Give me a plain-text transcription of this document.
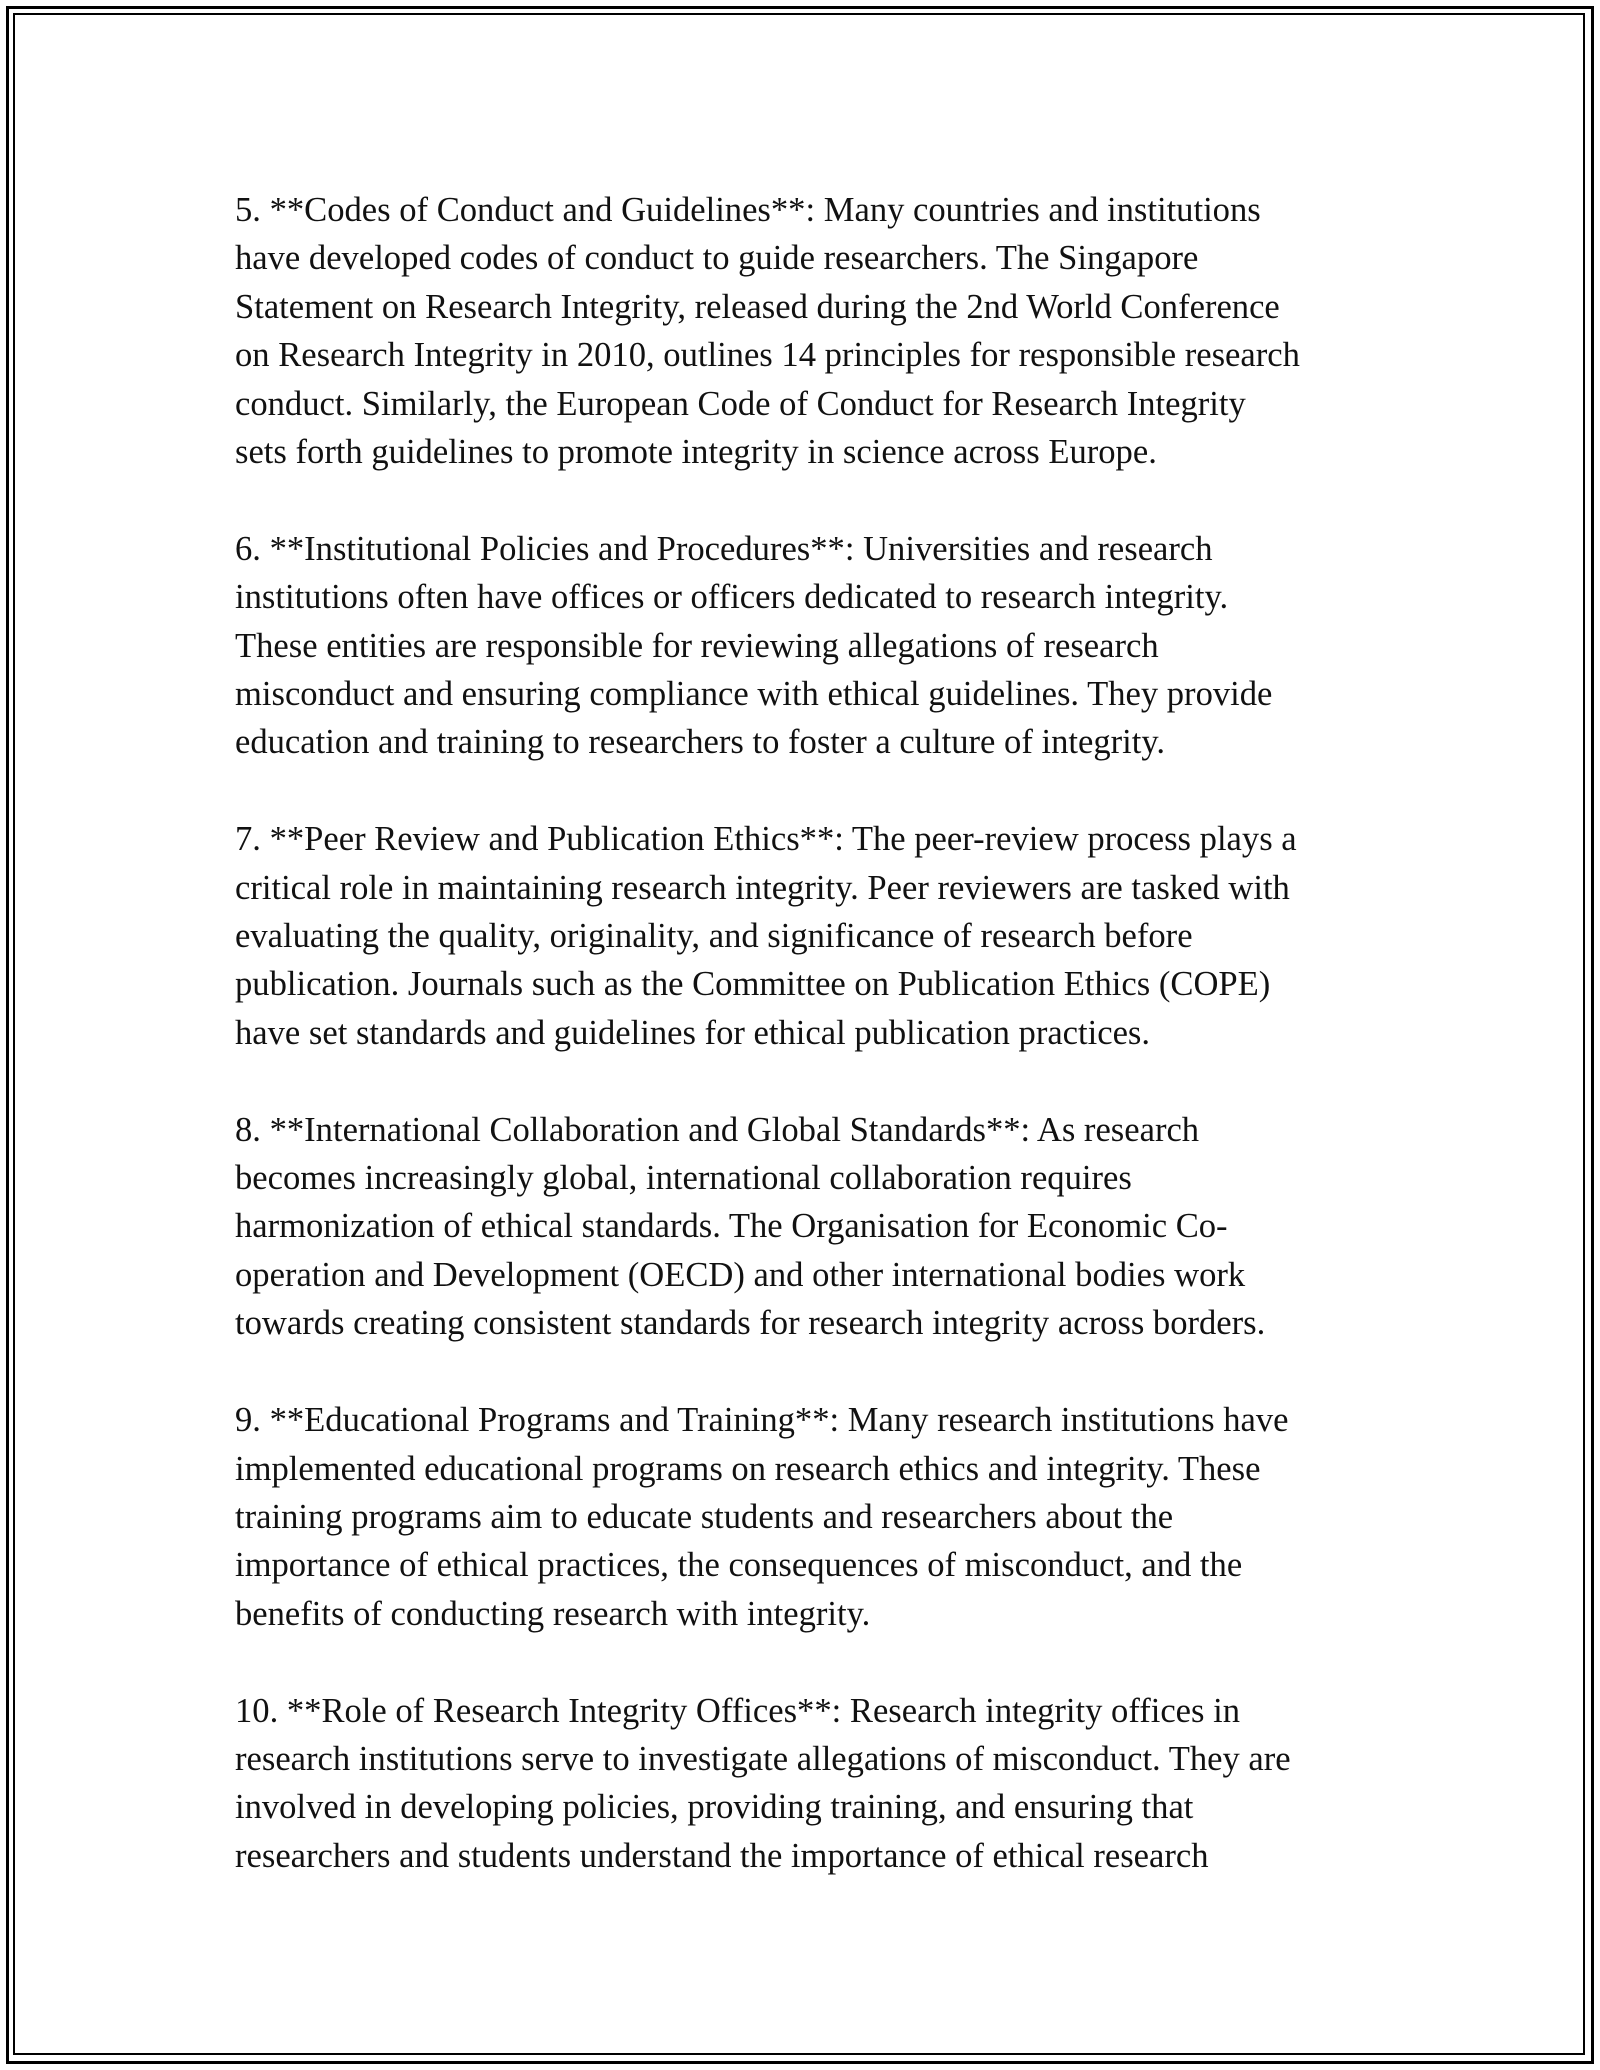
5. **Codes of Conduct and Guidelines**: Many countries and institutions
have developed codes of conduct to guide researchers. The Singapore
Statement on Research Integrity, released during the 2nd World Conference
on Research Integrity in 2010, outlines 14 principles for responsible research
conduct. Similarly, the European Code of Conduct for Research Integrity
sets forth guidelines to promote integrity in science across Europe.

6. **Institutional Policies and Procedures**: Universities and research
institutions often have offices or officers dedicated to research integrity.
These entities are responsible for reviewing allegations of research
misconduct and ensuring compliance with ethical guidelines. They provide
education and training to researchers to foster a culture of integrity.

7. **Peer Review and Publication Ethics**: The peer-review process plays a
critical role in maintaining research integrity. Peer reviewers are tasked with
evaluating the quality, originality, and significance of research before
publication. Journals such as the Committee on Publication Ethics (COPE)
have set standards and guidelines for ethical publication practices.

8. **International Collaboration and Global Standards**: As research
becomes increasingly global, international collaboration requires
harmonization of ethical standards. The Organisation for Economic Co-
operation and Development (OECD) and other international bodies work
towards creating consistent standards for research integrity across borders.

9. **Educational Programs and Training**: Many research institutions have
implemented educational programs on research ethics and integrity. These
training programs aim to educate students and researchers about the
importance of ethical practices, the consequences of misconduct, and the
benefits of conducting research with integrity.

10. **Role of Research Integrity Offices**: Research integrity offices in
research institutions serve to investigate allegations of misconduct. They are
involved in developing policies, providing training, and ensuring that
researchers and students understand the importance of ethical research
